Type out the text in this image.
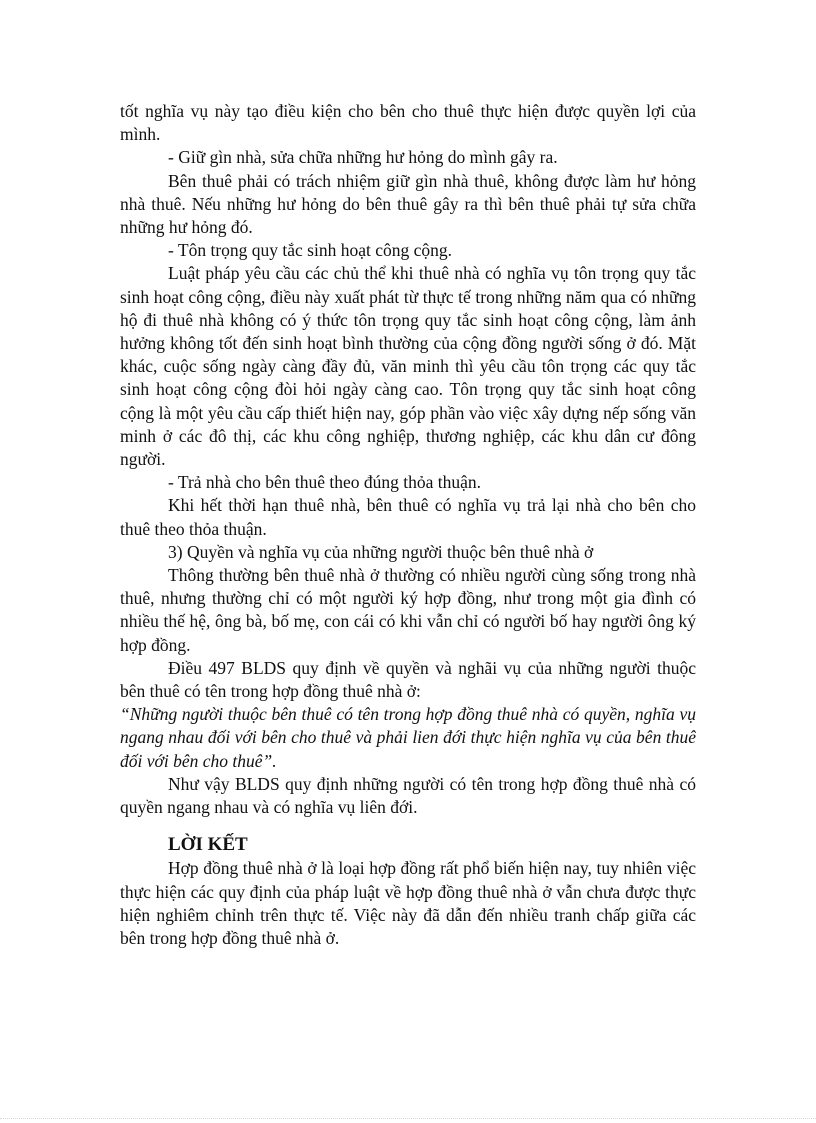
tốt nghĩa vụ này tạo điều kiện cho bên cho thuê thực hiện được quyền lợi của mình.

- Giữ gìn nhà, sửa chữa những hư hỏng do mình gây ra.

Bên thuê phải có trách nhiệm giữ gìn nhà thuê, không được làm hư hỏng nhà thuê. Nếu những hư hỏng do bên thuê gây ra thì bên thuê phải tự sửa chữa những hư hỏng đó.

- Tôn trọng quy tắc sinh hoạt công cộng.

Luật pháp yêu cầu các chủ thể khi thuê nhà có nghĩa vụ tôn trọng quy tắc sinh hoạt công cộng, điều này xuất phát từ thực tế trong những năm qua có những hộ đi thuê nhà không có ý thức tôn trọng quy tắc sinh hoạt công cộng, làm ảnh hưởng không tốt đến sinh hoạt bình thường của cộng đồng người sống ở đó. Mặt khác, cuộc sống ngày càng đầy đủ, văn minh thì yêu cầu tôn trọng các quy tắc sinh hoạt công cộng đòi hỏi ngày càng cao. Tôn trọng quy tắc sinh hoạt công cộng là một yêu cầu cấp thiết hiện nay, góp phần vào việc xây dựng nếp sống văn minh ở các đô thị, các khu công nghiệp, thương nghiệp, các khu dân cư đông người.

- Trả nhà cho bên thuê theo đúng thỏa thuận.

Khi hết thời hạn thuê nhà, bên thuê có nghĩa vụ trả lại nhà cho bên cho thuê theo thỏa thuận.

3) Quyền và nghĩa vụ của những người thuộc bên thuê nhà ở

Thông thường bên thuê nhà ở thường có nhiều người cùng sống trong nhà thuê, nhưng thường chỉ có một người ký hợp đồng, như trong một gia đình có nhiều thế hệ, ông bà, bố mẹ, con cái có khi vẫn chỉ có người bố hay người ông ký hợp đồng.

Điều 497 BLDS quy định về quyền và nghãi vụ của những người thuộc bên thuê có tên trong hợp đồng thuê nhà ở:

“Những người thuộc bên thuê có tên trong hợp đồng thuê nhà có quyền, nghĩa vụ ngang nhau đối với bên cho thuê và phải lien đới thực hiện nghĩa vụ của bên thuê đối với bên cho thuê”.

Như vậy BLDS quy định những người có tên trong hợp đồng thuê nhà có quyền ngang nhau và có nghĩa vụ liên đới.

LỜI KẾT

Hợp đồng thuê nhà ở là loại hợp đồng rất phổ biến hiện nay, tuy nhiên việc thực hiện các quy định của pháp luật về hợp đồng thuê nhà ở vẫn chưa được thực hiện nghiêm chỉnh trên thực tế. Việc này đã dẫn đến nhiều tranh chấp giữa các bên trong hợp đồng thuê nhà ở.
